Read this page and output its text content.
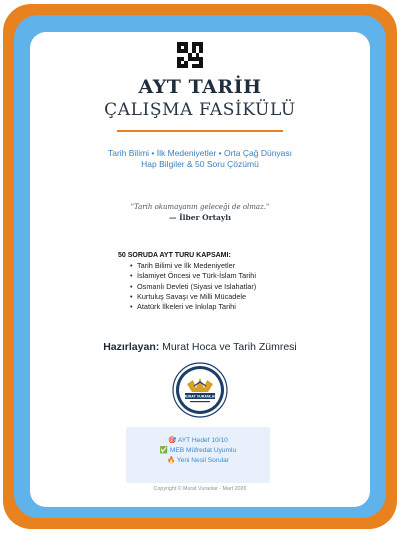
AYT TARİH
ÇALIŞMA FASİKÜLÜ
Tarih Bilimi • İlk Medeniyetler • Orta Çağ Dünyası
Hap Bilgiler & 50 Soru Çözümü
"Tarih okumayanın geleceği de olmaz."
— İlber Ortaylı
50 SORUDA AYT TURU KAPSAMI:
• Tarih Bilimi ve İlk Medeniyetler
• İslamiyet Öncesi ve Türk-İslam Tarihi
• Osmanlı Devleti (Siyasi ve Islahatlar)
• Kurtuluş Savaşı ve Milli Mücadele
• Atatürk İlkeleri ve İnkılap Tarihi
Hazırlayan: Murat Hoca ve Tarih Zümresi
MURAT VURANLAR
🎯 AYT Hedef 10/10
✅ MEB Müfredat Uyumlu
🔥 Yeni Nesil Sorular
Copyright © Murat Vuranlar - Mart 2026
